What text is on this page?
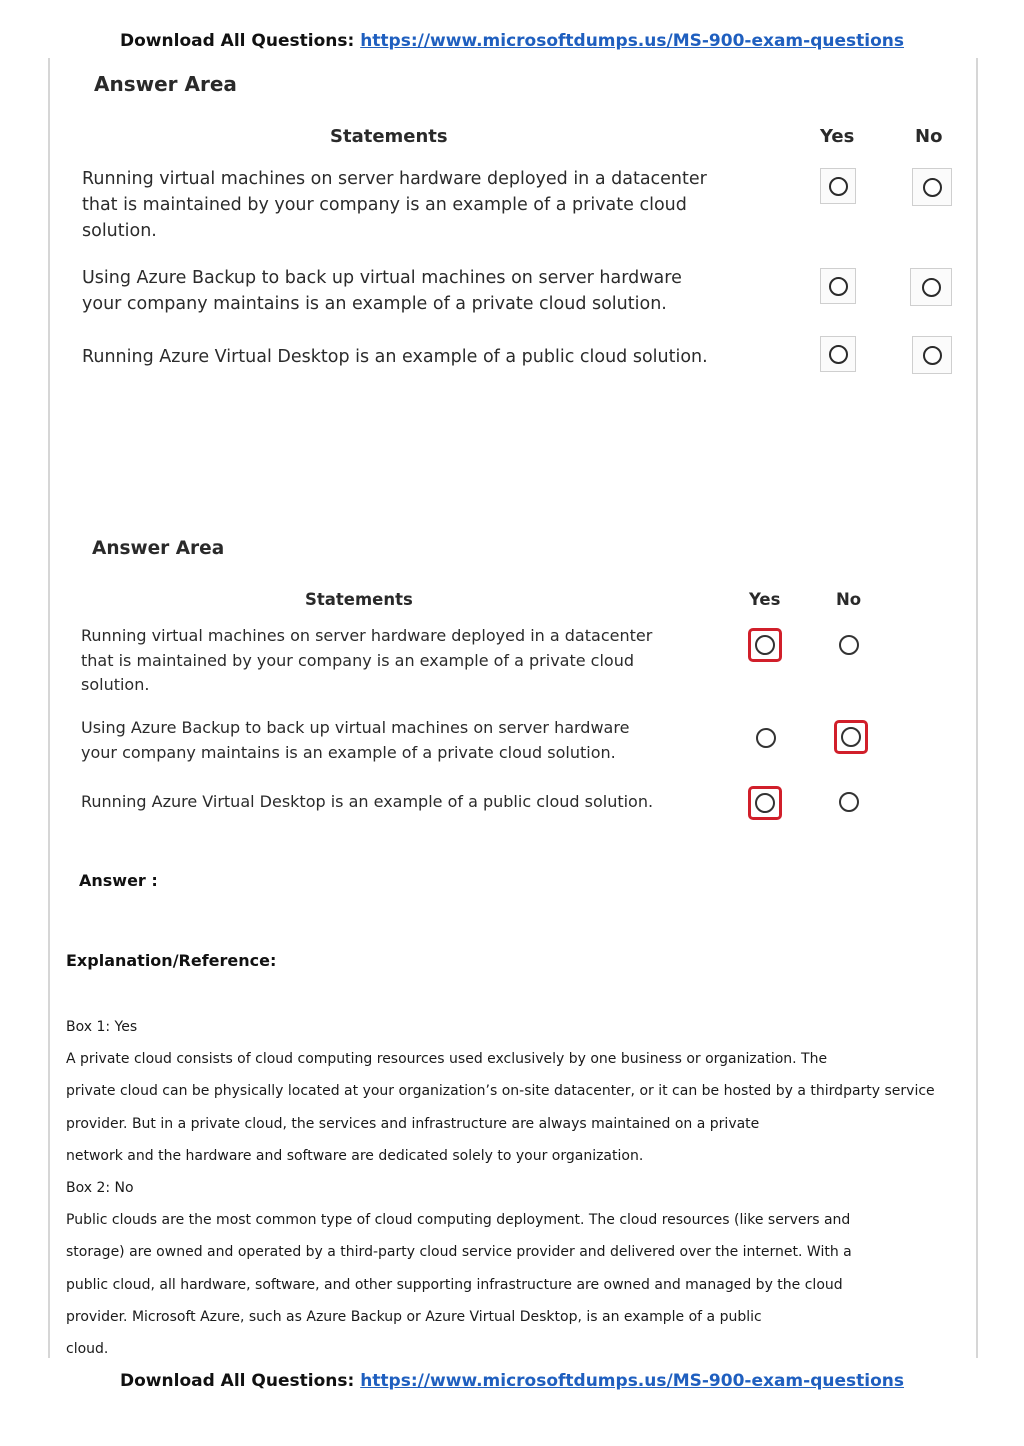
Download All Questions: https://www.microsoftdumps.us/MS-900-exam-questions
Answer Area
Statements	Yes	No
Running virtual machines on server hardware deployed in a datacenter
that is maintained by your company is an example of a private cloud
solution.
Using Azure Backup to back up virtual machines on server hardware
your company maintains is an example of a private cloud solution.
Running Azure Virtual Desktop is an example of a public cloud solution.
Answer Area
Statements	Yes	No
Running virtual machines on server hardware deployed in a datacenter
that is maintained by your company is an example of a private cloud
solution.
Using Azure Backup to back up virtual machines on server hardware
your company maintains is an example of a private cloud solution.
Running Azure Virtual Desktop is an example of a public cloud solution.
Answer :
Explanation/Reference:
Box 1: Yes
A private cloud consists of cloud computing resources used exclusively by one business or organization. The
private cloud can be physically located at your organization’s on-site datacenter, or it can be hosted by a thirdparty service
provider. But in a private cloud, the services and infrastructure are always maintained on a private
network and the hardware and software are dedicated solely to your organization.
Box 2: No
Public clouds are the most common type of cloud computing deployment. The cloud resources (like servers and
storage) are owned and operated by a third-party cloud service provider and delivered over the internet. With a
public cloud, all hardware, software, and other supporting infrastructure are owned and managed by the cloud
provider. Microsoft Azure, such as Azure Backup or Azure Virtual Desktop, is an example of a public
cloud.
Download All Questions: https://www.microsoftdumps.us/MS-900-exam-questions
